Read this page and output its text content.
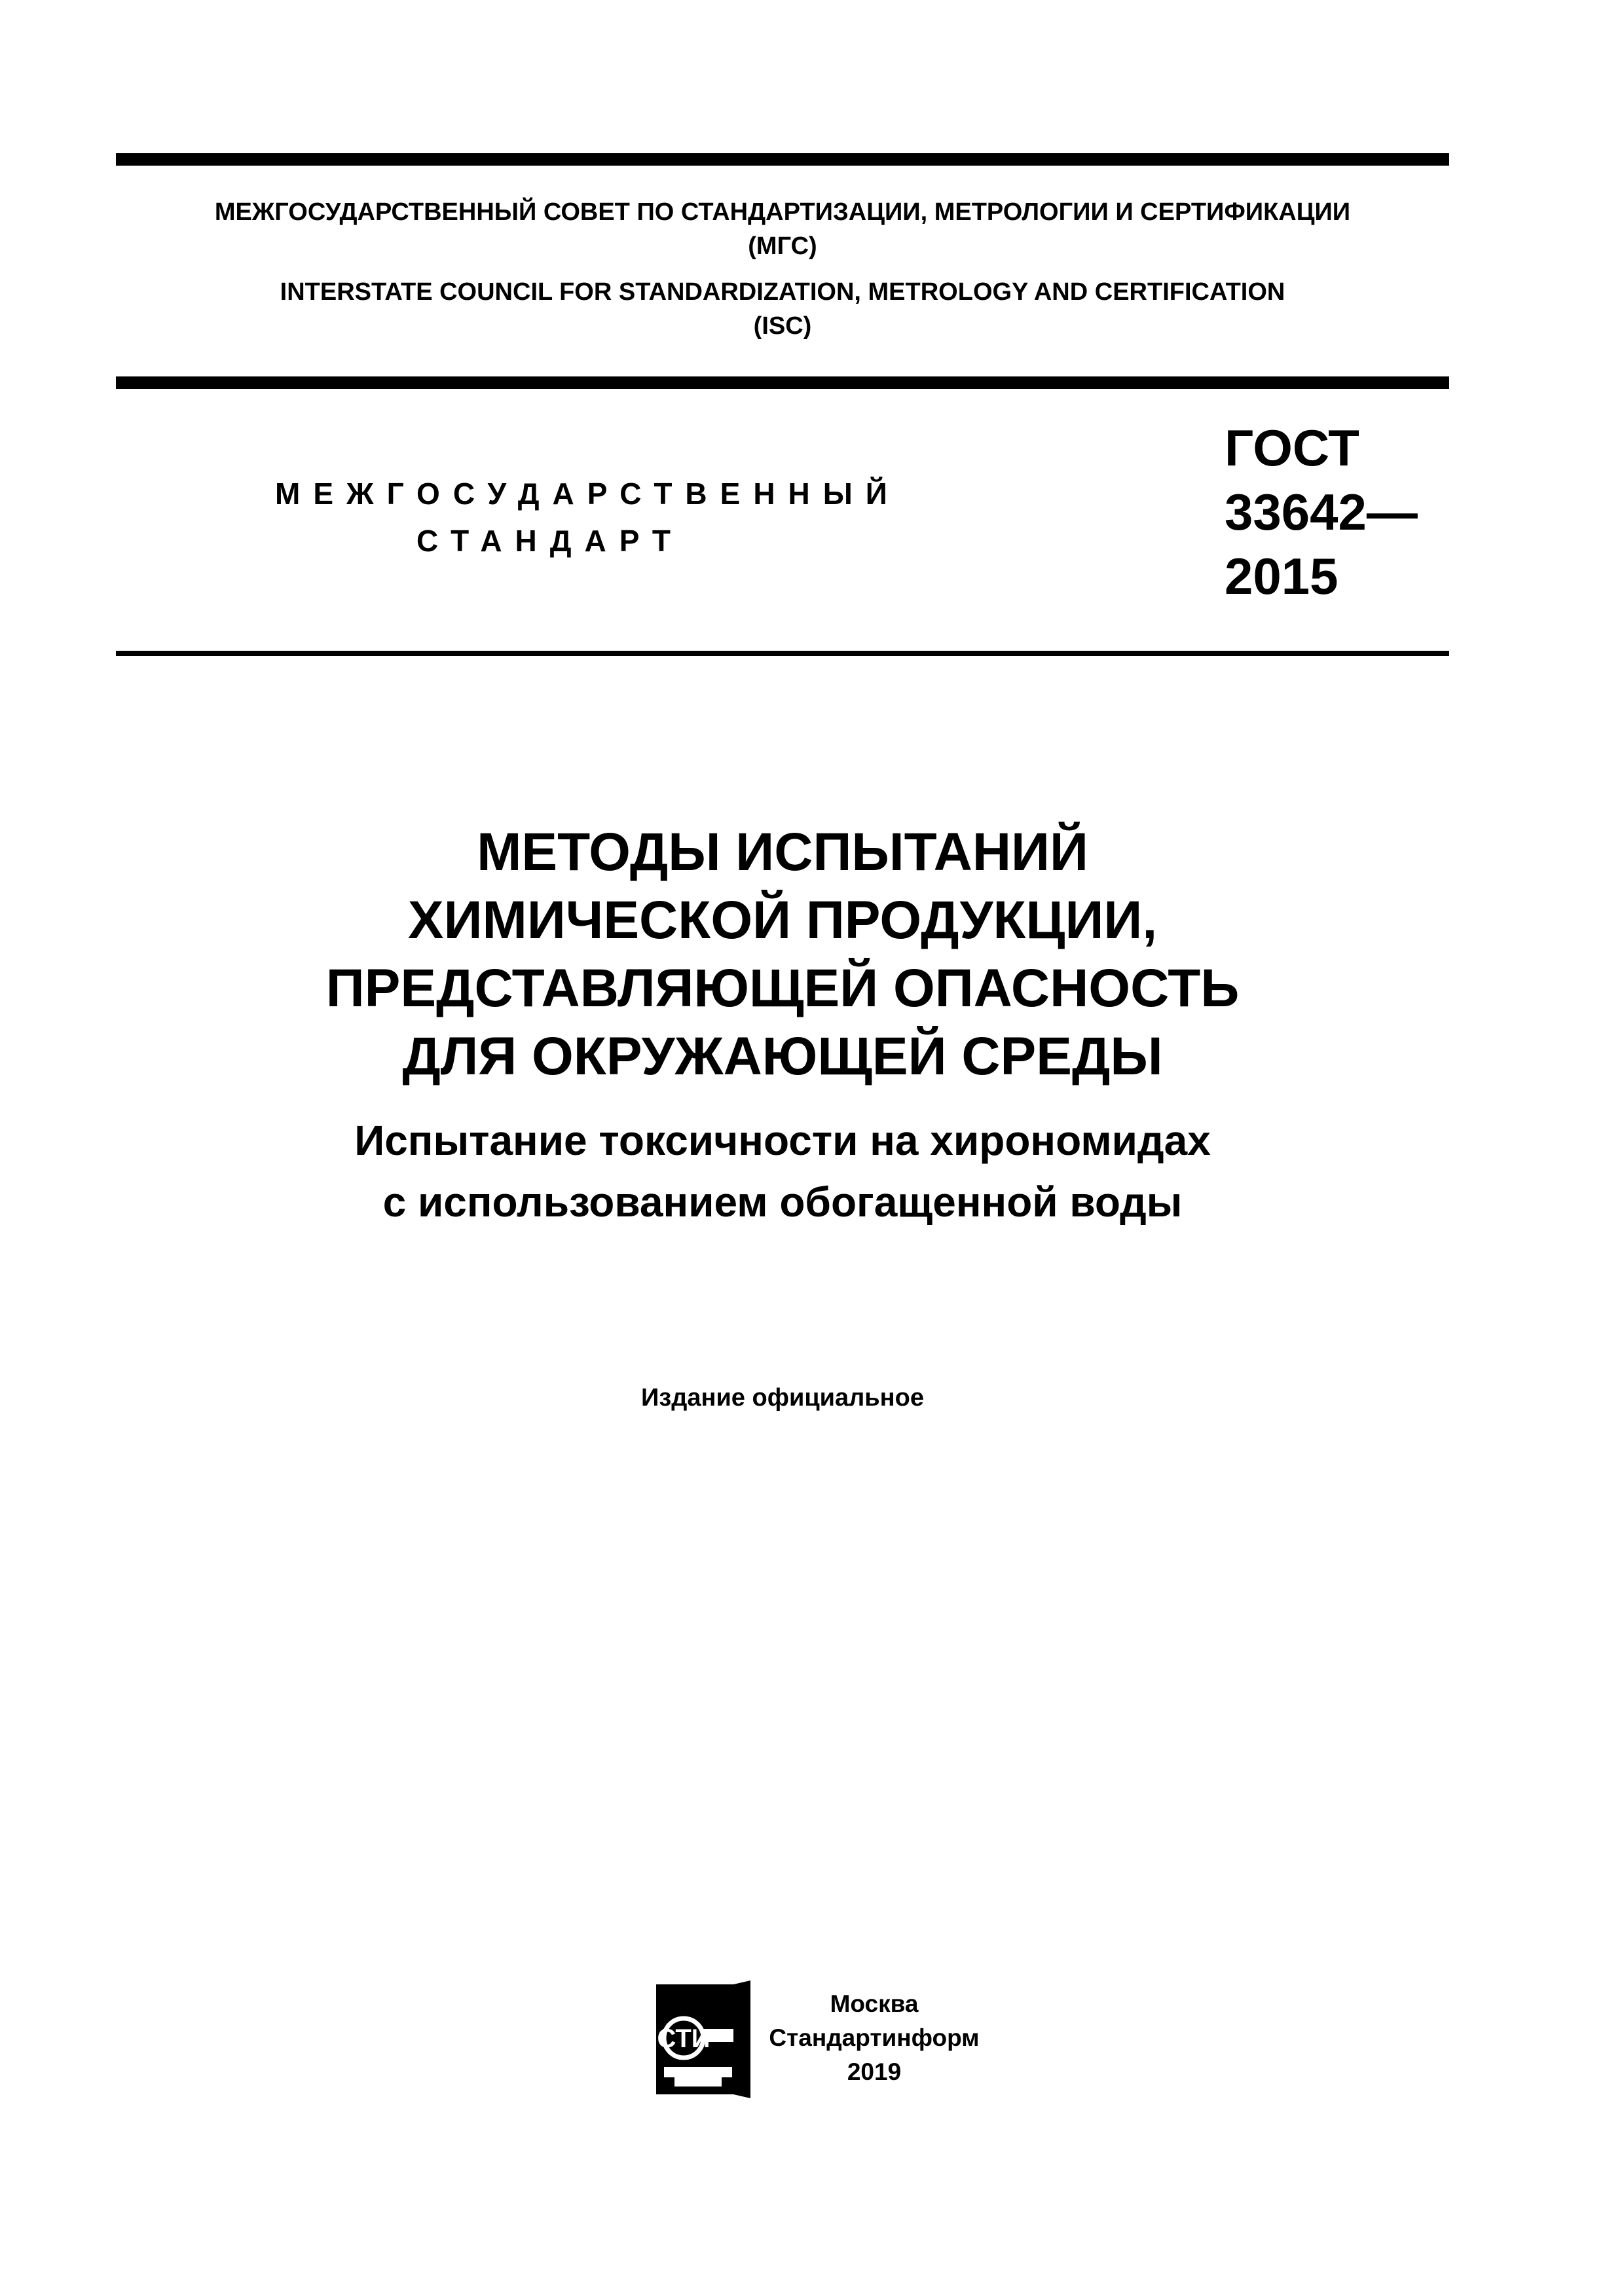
МЕЖГОСУДАРСТВЕННЫЙ СОВЕТ ПО СТАНДАРТИЗАЦИИ, МЕТРОЛОГИИ И СЕРТИФИКАЦИИ
(МГС)
INTERSTATE COUNCIL FOR STANDARDIZATION, METROLOGY AND CERTIFICATION
(ISC)
МЕЖГОСУДАРСТВЕННЫЙ
СТАНДАРТ
ГОСТ
33642—
2015
МЕТОДЫ ИСПЫТАНИЙ
ХИМИЧЕСКОЙ ПРОДУКЦИИ,
ПРЕДСТАВЛЯЮЩЕЙ ОПАСНОСТЬ
ДЛЯ ОКРУЖАЮЩЕЙ СРЕДЫ
Испытание токсичности на хирономидах
с использованием обогащенной воды
Издание официальное
СТИ
Москва
Стандартинформ
2019
